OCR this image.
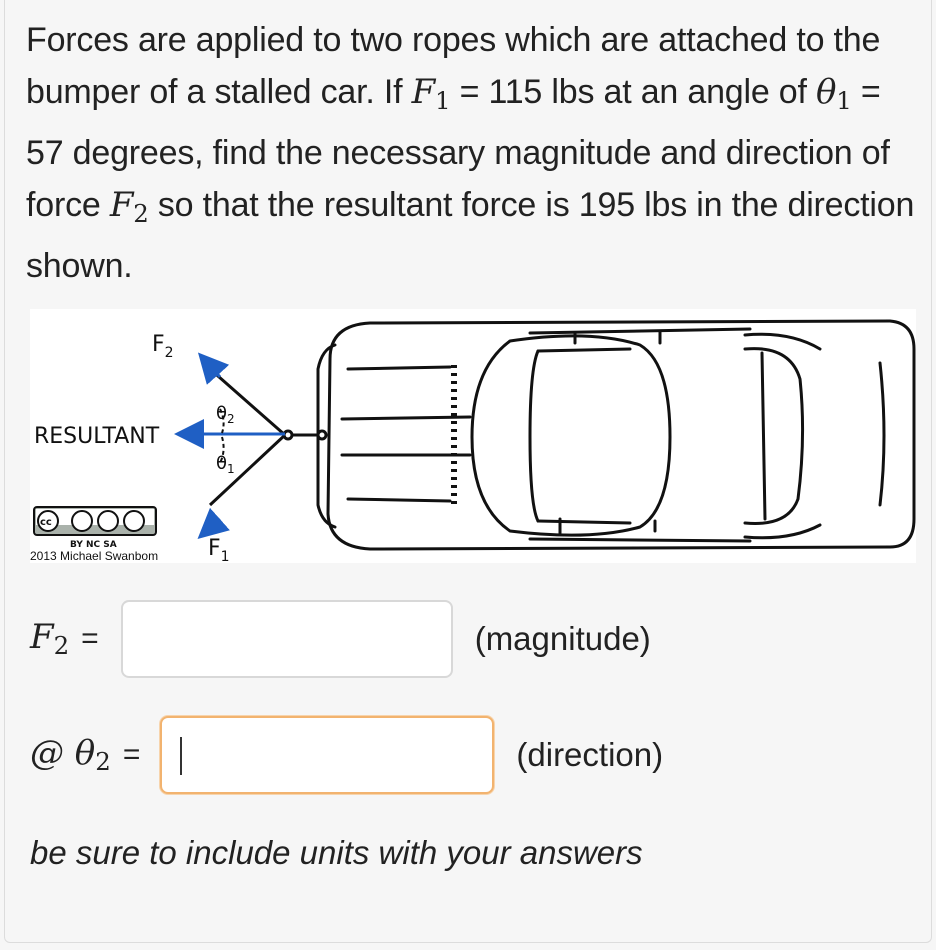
Forces are applied to two ropes which are attached to the bumper of a stalled car. If $F_1 = 115$ lbs at an angle of $\theta_1 = 57$ degrees, find the necessary magnitude and direction of force $F_2$ so that the resultant force is 195 lbs in the direction shown.
RESULTANT
$F_2$
$F_1$
$\theta_2$
$\theta_1$
cc
BY NC SA
2013 Michael Swanbom
$F_2$ =	(magnitude)
@ $\theta_2$ =	(direction)
be sure to include units with your answers
